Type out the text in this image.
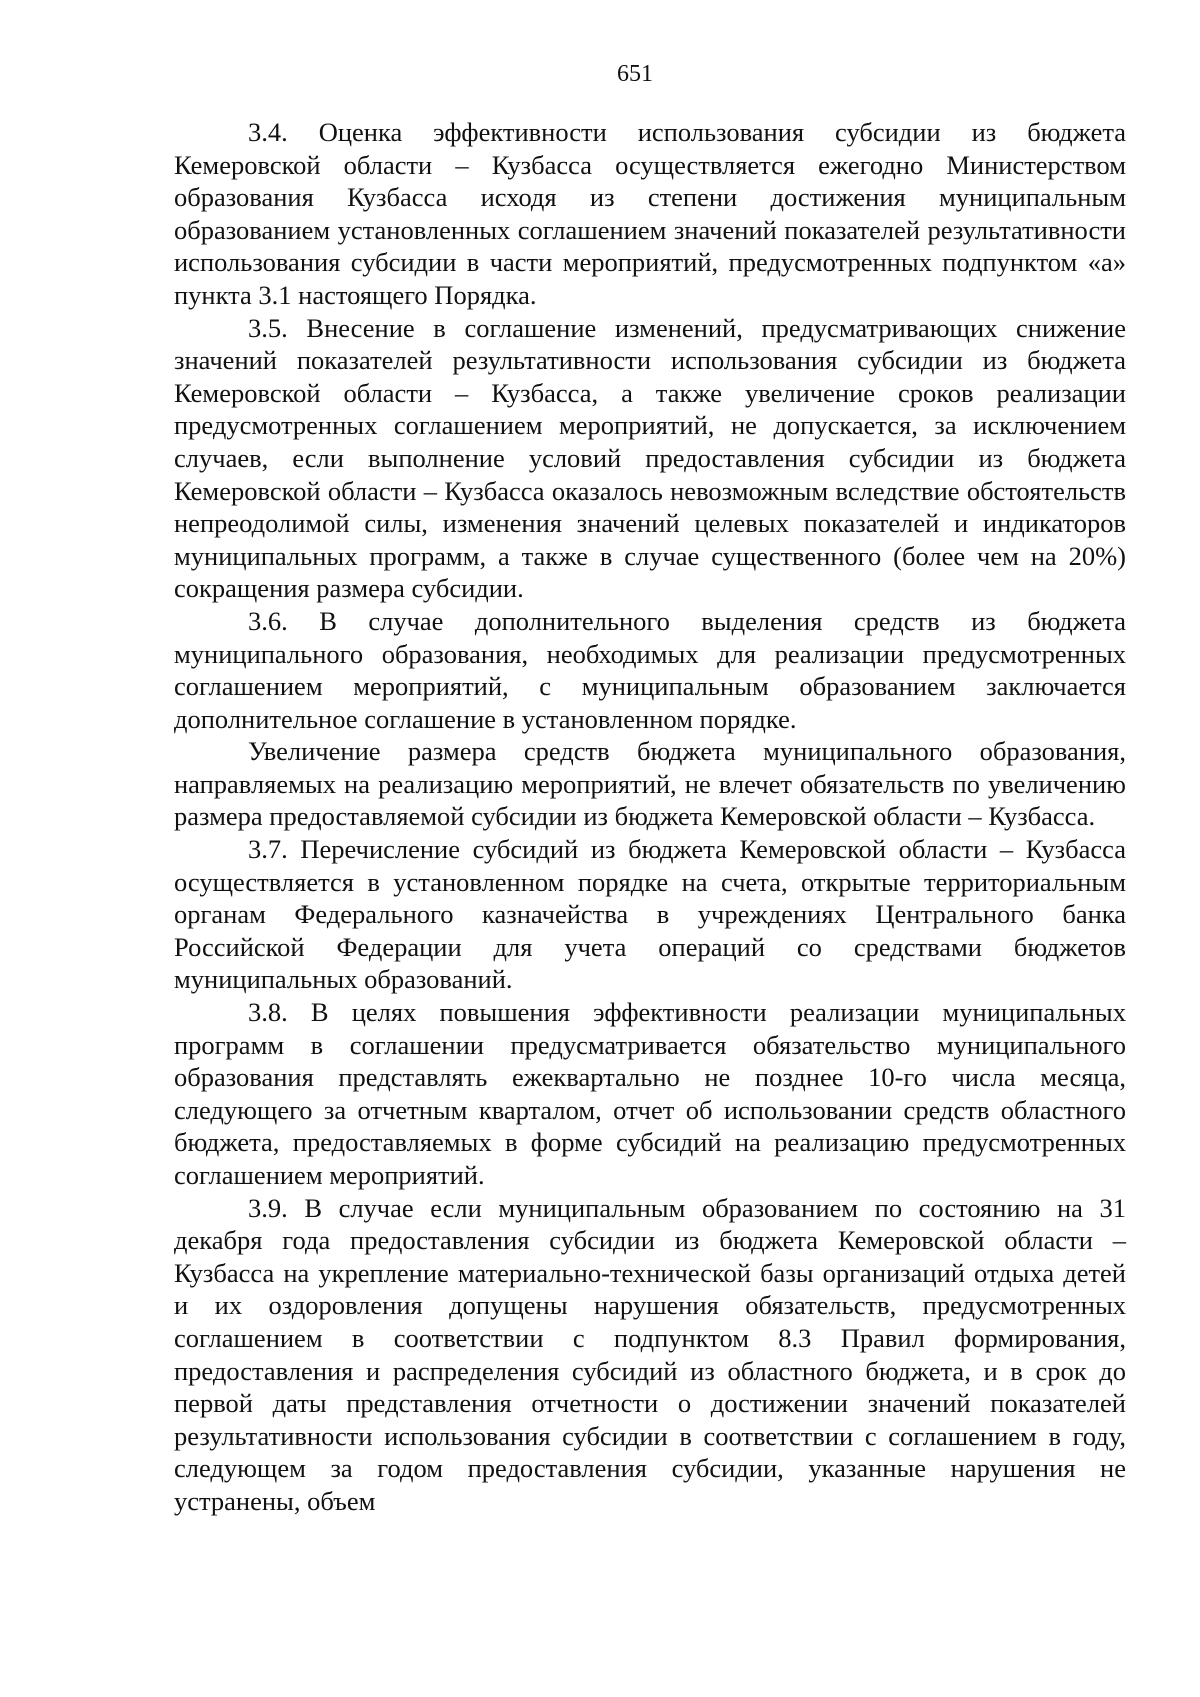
651

3.4. Оценка эффективности использования субсидии из бюджета Кемеровской области – Кузбасса осуществляется ежегодно Министерством образования Кузбасса исходя из степени достижения муниципальным образованием установленных соглашением значений показателей результативности использования субсидии в части мероприятий, предусмотренных подпунктом «а» пункта 3.1 настоящего Порядка.

3.5. Внесение в соглашение изменений, предусматривающих снижение значений показателей результативности использования субсидии из бюджета Кемеровской области – Кузбасса, а также увеличение сроков реализации предусмотренных соглашением мероприятий, не допускается, за исключением случаев, если выполнение условий предоставления субсидии из бюджета Кемеровской области – Кузбасса оказалось невозможным вследствие обстоятельств непреодолимой силы, изменения значений целевых показателей и индикаторов муниципальных программ, а также в случае существенного (более чем на 20%) сокращения размера субсидии.

3.6. В случае дополнительного выделения средств из бюджета муниципального образования, необходимых для реализации предусмотренных соглашением мероприятий, с муниципальным образованием заключается дополнительное соглашение в установленном порядке.

Увеличение размера средств бюджета муниципального образования, направляемых на реализацию мероприятий, не влечет обязательств по увеличению размера предоставляемой субсидии из бюджета Кемеровской области – Кузбасса.

3.7. Перечисление субсидий из бюджета Кемеровской области – Кузбасса осуществляется в установленном порядке на счета, открытые территориальным органам Федерального казначейства в учреждениях Центрального банка Российской Федерации для учета операций со средствами бюджетов муниципальных образований.

3.8. В целях повышения эффективности реализации муниципальных программ в соглашении предусматривается обязательство муниципального образования представлять ежеквартально не позднее 10-го числа месяца, следующего за отчетным кварталом, отчет об использовании средств областного бюджета, предоставляемых в форме субсидий на реализацию предусмотренных соглашением мероприятий.

3.9. В случае если муниципальным образованием по состоянию на 31 декабря года предоставления субсидии из бюджета Кемеровской области – Кузбасса на укрепление материально-технической базы организаций отдыха детей и их оздоровления допущены нарушения обязательств, предусмотренных соглашением в соответствии с подпунктом 8.3 Правил формирования, предоставления и распределения субсидий из областного бюджета, и в срок до первой даты представления отчетности о достижении значений показателей результативности использования субсидии в соответствии с соглашением в году, следующем за годом предоставления субсидии, указанные нарушения не устранены, объем
